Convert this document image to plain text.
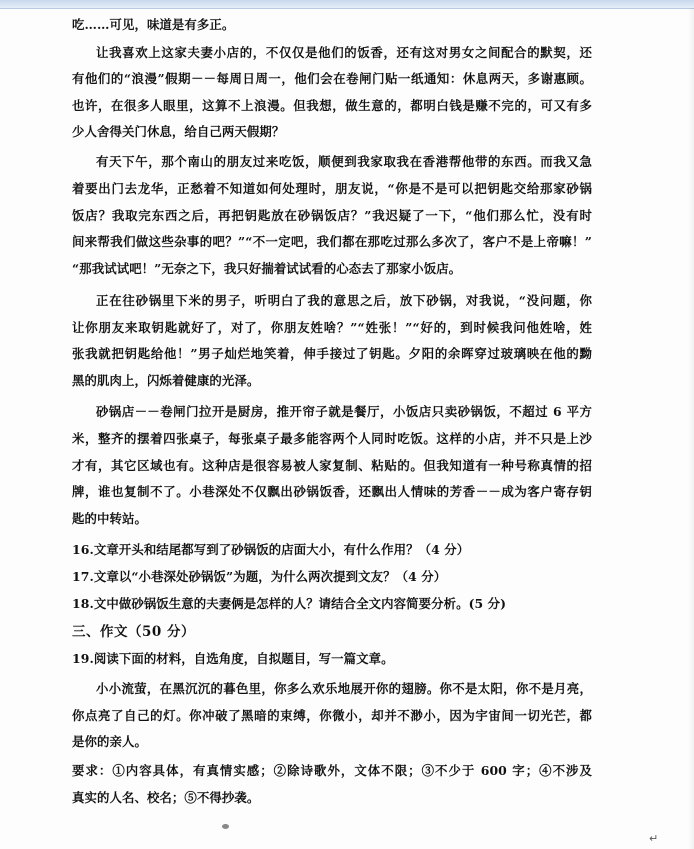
吃……可见，味道是有多正。
让我喜欢上这家夫妻小店的，不仅仅是他们的饭香，还有这对男女之间配合的默契，还
有他们的“浪漫”假期－－每周日周一，他们会在卷闸门贴一纸通知：休息两天，多谢惠顾。
也许，在很多人眼里，这算不上浪漫。但我想，做生意的，都明白钱是赚不完的，可又有多
少人舍得关门休息，给自己两天假期？
有天下午，那个南山的朋友过来吃饭，顺便到我家取我在香港帮他带的东西。而我又急
着要出门去龙华，正愁着不知道如何处理时，朋友说，“你是不是可以把钥匙交给那家砂锅
饭店？我取完东西之后，再把钥匙放在砂锅饭店？”我迟疑了一下，“他们那么忙，没有时
间来帮我们做这些杂事的吧？”“不一定吧，我们都在那吃过那么多次了，客户不是上帝嘛！”
“那我试试吧！”无奈之下，我只好揣着试试看的心态去了那家小饭店。
正在往砂锅里下米的男子，听明白了我的意思之后，放下砂锅，对我说，“没问题，你
让你朋友来取钥匙就好了，对了，你朋友姓啥？”“姓张！”“好的，到时候我问他姓啥，姓
张我就把钥匙给他！”男子灿烂地笑着，伸手接过了钥匙。夕阳的余晖穿过玻璃映在他的黝
黑的肌肉上，闪烁着健康的光泽。
砂锅店－－卷闸门拉开是厨房，推开帘子就是餐厅，小饭店只卖砂锅饭，不超过 6 平方
米，整齐的摆着四张桌子，每张桌子最多能容两个人同时吃饭。这样的小店，并不只是上沙
才有，其它区域也有。这种店是很容易被人家复制、粘贴的。但我知道有一种号称真情的招
牌，谁也复制不了。小巷深处不仅飘出砂锅饭香，还飘出人情味的芳香－－成为客户寄存钥
匙的中转站。
16.文章开头和结尾都写到了砂锅饭的店面大小，有什么作用？（4 分）
17.文章以“小巷深处砂锅饭”为题，为什么两次提到文友？（4 分）
18.文中做砂锅饭生意的夫妻俩是怎样的人？请结合全文内容简要分析。(5 分)
三、作文（50 分）
19.阅读下面的材料，自选角度，自拟题目，写一篇文章。
小小流萤，在黑沉沉的暮色里，你多么欢乐地展开你的翅膀。你不是太阳，你不是月亮，
你点亮了自己的灯。你冲破了黑暗的束缚，你微小，却并不渺小，因为宇宙间一切光芒，都
是你的亲人。
要求：①内容具体，有真情实感；②除诗歌外，文体不限；③不少于 600 字；④不涉及
真实的人名、校名；⑤不得抄袭。
↵
